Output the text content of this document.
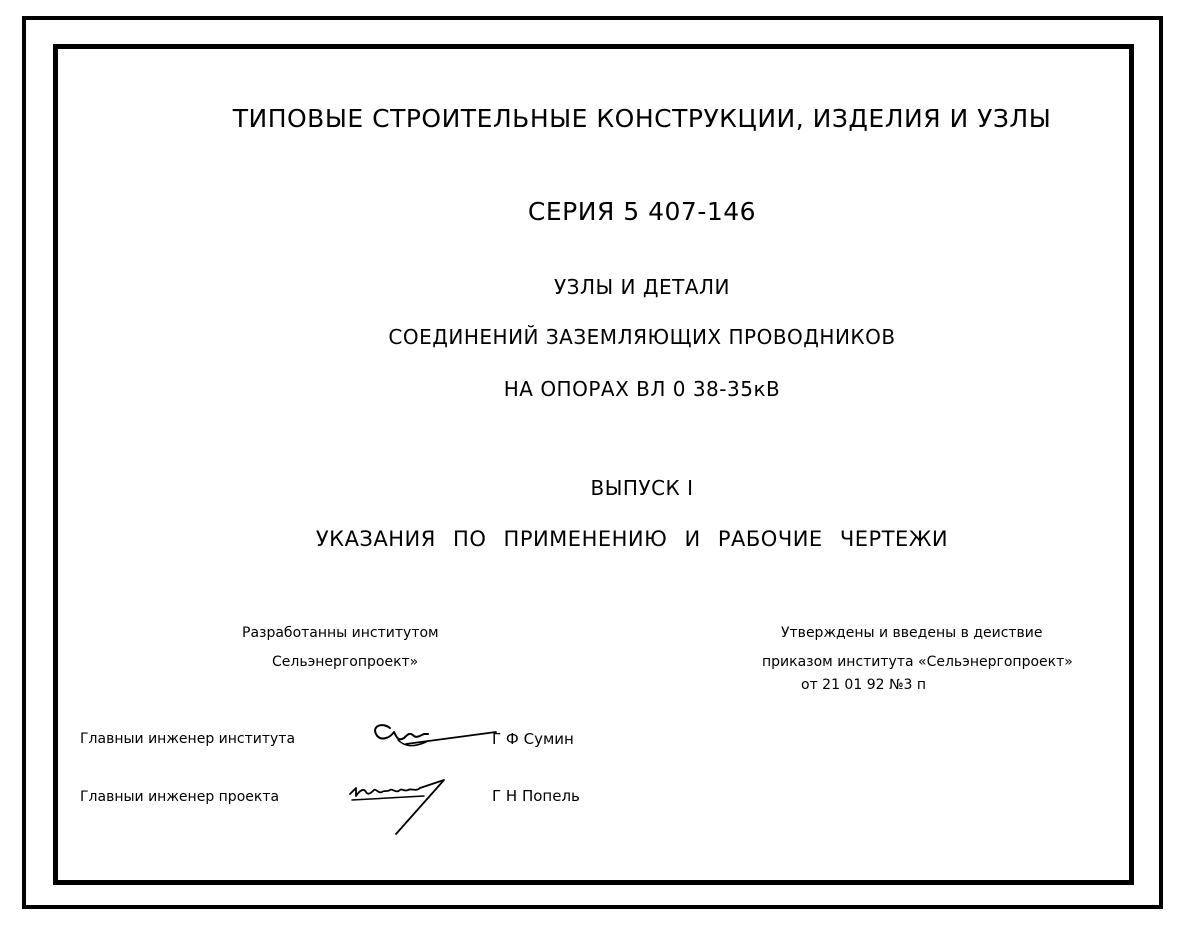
ТИПОВЫЕ СТРОИТЕЛЬНЫЕ КОНСТРУКЦИИ, ИЗДЕЛИЯ И УЗЛЫ
СЕРИЯ 5 407-146
УЗЛЫ И ДЕТАЛИ
СОЕДИНЕНИЙ ЗАЗЕМЛЯЮЩИХ ПРОВОДНИКОВ
НА ОПОРАХ ВЛ 0 38-35кВ
ВЫПУСК I
УКАЗАНИЯ ПО ПРИМЕНЕНИЮ И РАБОЧИЕ ЧЕРТЕЖИ
Разработанны институтом
Сельэнергопроект»
Утверждены и введены в деиствие
приказом института «Сельэнергопроект»
от 21 01 92 №3 п
Главныи инженер института	Г Ф Сумин
Главныи инженер проекта	Г Н Попель
